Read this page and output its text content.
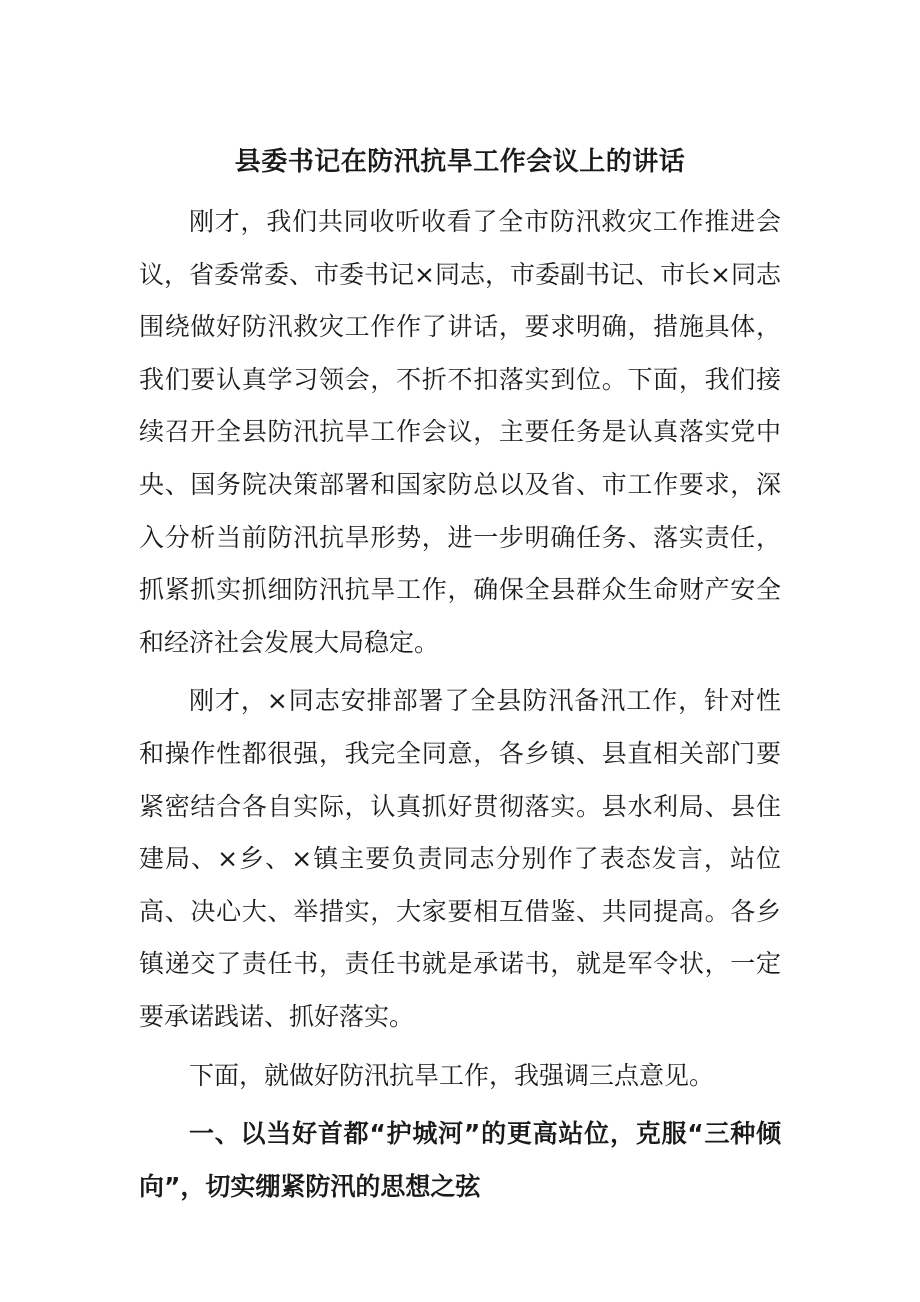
县委书记在防汛抗旱工作会议上的讲话

刚才，我们共同收听收看了全市防汛救灾工作推进会议，省委常委、市委书记×同志，市委副书记、市长×同志围绕做好防汛救灾工作作了讲话，要求明确，措施具体，我们要认真学习领会，不折不扣落实到位。下面，我们接续召开全县防汛抗旱工作会议，主要任务是认真落实党中央、国务院决策部署和国家防总以及省、市工作要求，深入分析当前防汛抗旱形势，进一步明确任务、落实责任，抓紧抓实抓细防汛抗旱工作，确保全县群众生命财产安全和经济社会发展大局稳定。

刚才，×同志安排部署了全县防汛备汛工作，针对性和操作性都很强，我完全同意，各乡镇、县直相关部门要紧密结合各自实际，认真抓好贯彻落实。县水利局、县住建局、×乡、×镇主要负责同志分别作了表态发言，站位高、决心大、举措实，大家要相互借鉴、共同提高。各乡镇递交了责任书，责任书就是承诺书，就是军令状，一定要承诺践诺、抓好落实。

下面，就做好防汛抗旱工作，我强调三点意见。

一、以当好首都“护城河”的更高站位，克服“三种倾向”，切实绷紧防汛的思想之弦
